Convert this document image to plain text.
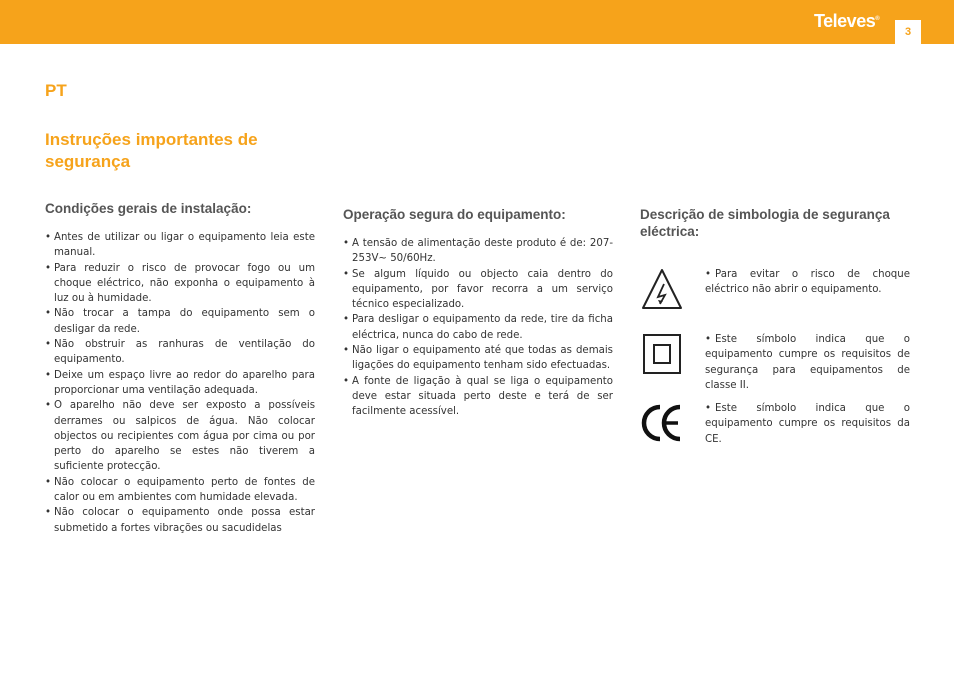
Televes®
3
PT
Instruções importantes de segurança
Condições gerais de instalação:
• Antes de utilizar ou ligar o equipamento leia este manual.
• Para reduzir o risco de provocar fogo ou um choque eléctrico, não exponha o equipamento à luz ou à humidade.
• Não trocar a tampa do equipamento sem o desligar da rede.
• Não obstruir as ranhuras de ventilação do equipamento.
• Deixe um espaço livre ao redor do aparelho para proporcionar uma ventilação adequada.
• O aparelho não deve ser exposto a possíveis derrames ou salpicos de água. Não colocar objectos ou recipientes com água por cima ou por perto do aparelho se estes não tiverem a suficiente protecção.
• Não colocar o equipamento perto de fontes de calor ou em ambientes com humidade elevada.
• Não colocar o equipamento onde possa estar submetido a fortes vibrações ou sacudidelas
Operação segura do equipamento:
• A tensão de alimentação deste produto é de: 207-253V~ 50/60Hz.
• Se algum líquido ou objecto caia dentro do equipamento, por favor recorra a um serviço técnico especializado.
• Para desligar o equipamento da rede, tire da ficha eléctrica, nunca do cabo de rede.
• Não ligar o equipamento até que todas as demais ligações do equipamento tenham sido efectuadas.
• A fonte de ligação à qual se liga o equipamento deve estar situada perto deste e terá de ser facilmente acessível.
Descrição de simbologia de segurança eléctrica:
• Para evitar o risco de choque eléctrico não abrir o equipamento.
• Este símbolo indica que o equipamento cumpre os requisitos de segurança para equipamentos de classe II.
• Este símbolo indica que o equipamento cumpre os requisitos da CE.
